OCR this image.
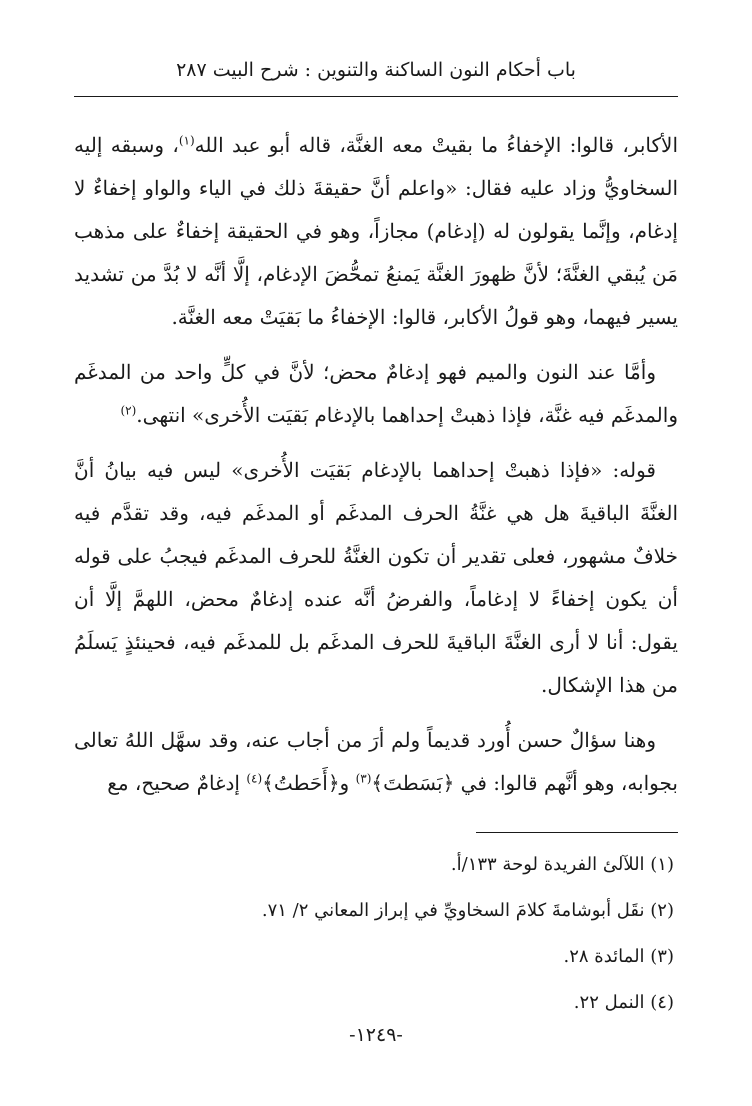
باب أحكام النون الساكنة والتنوين : شرح البيت ٢٨٧

الأكابر، قالوا: الإخفاءُ ما بقيتْ معه الغنَّة، قاله أبو عبد الله$^{(١)}$، وسبقه إليه السخاويُّ وزاد عليه فقال: «واعلم أنَّ حقيقةَ ذلك في الياء والواو إخفاءٌ لا إدغام، وإنَّما يقولون له (إدغام) مجازاً، وهو في الحقيقة إخفاءٌ على مذهب مَن يُبقي الغنَّةَ؛ لأنَّ ظهورَ الغنَّة يَمنعُ تمحُّضَ الإدغام، إلَّا أنَّه لا بُدَّ من تشديد يسير فيهما، وهو قولُ الأكابر، قالوا: الإخفاءُ ما بَقيَتْ معه الغنَّة.

وأمَّا عند النون والميم فهو إدغامٌ محض؛ لأنَّ في كلٍّ واحد من المدغَم والمدغَم فيه غنَّة، فإذا ذهبتْ إحداهما بالإدغام بَقيَت الأُخرى» انتهى.$^{(٢)}$

قوله: «فإذا ذهبتْ إحداهما بالإدغام بَقيَت الأُخرى» ليس فيه بيانُ أنَّ الغنَّةَ الباقيةَ هل هي غنَّةُ الحرف المدغَم أو المدغَم فيه، وقد تقدَّم فيه خلافٌ مشهور، فعلى تقدير أن تكون الغنَّةُ للحرف المدغَم فيجبُ على قوله أن يكون إخفاءً لا إدغاماً، والفرضُ أنَّه عنده إدغامٌ محض، اللهمَّ إلَّا أن يقول: أنا لا أرى الغنَّةَ الباقيةَ للحرف المدغَم بل للمدغَم فيه، فحينئذٍ يَسلَمُ من هذا الإشكال.

وهنا سؤالٌ حسن أُورد قديماً ولم أرَ من أجاب عنه، وقد سهَّل اللهُ تعالى بجوابه، وهو أنَّهم قالوا: في ﴿بَسَطتَ﴾$^{(٣)}$ و﴿أَحَطتُ﴾$^{(٤)}$ إدغامٌ صحيح، مع

(١) اللآلئ الفريدة لوحة ١٣٣/أ.

(٢) نقَل أبوشامةَ كلامَ السخاويِّ في إبراز المعاني ٢/ ٧١.

(٣) المائدة ٢٨.

(٤) النمل ٢٢.

-١٢٤٩-
